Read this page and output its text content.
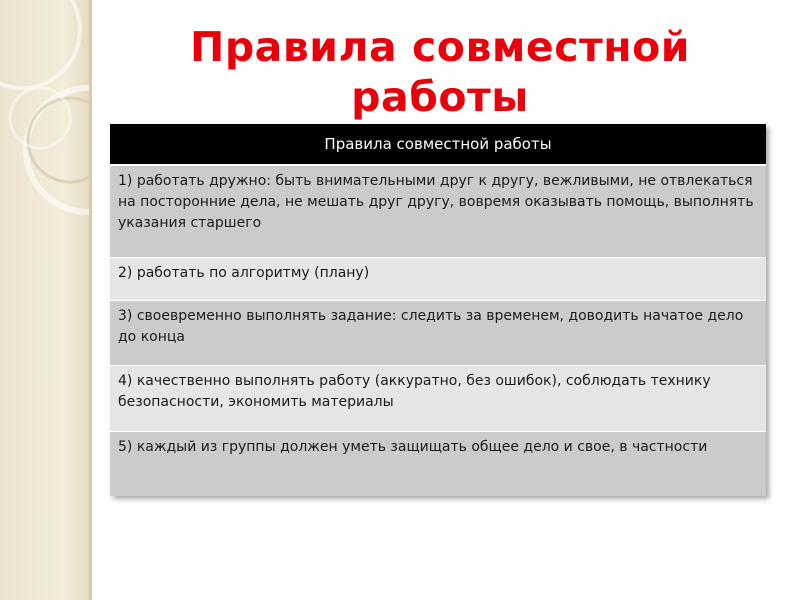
Правила совместной работы
Правила совместной работы
1) работать дружно: быть внимательными друг к другу, вежливыми, не отвлекаться на посторонние дела, не мешать друг другу, вовремя оказывать помощь, выполнять указания старшего
2) работать по алгоритму (плану)
3) своевременно выполнять задание: следить за временем, доводить начатое дело до конца
4) качественно выполнять работу (аккуратно, без ошибок), соблюдать технику безопасности, экономить материалы
5) каждый из группы должен уметь защищать общее дело и свое, в частности
